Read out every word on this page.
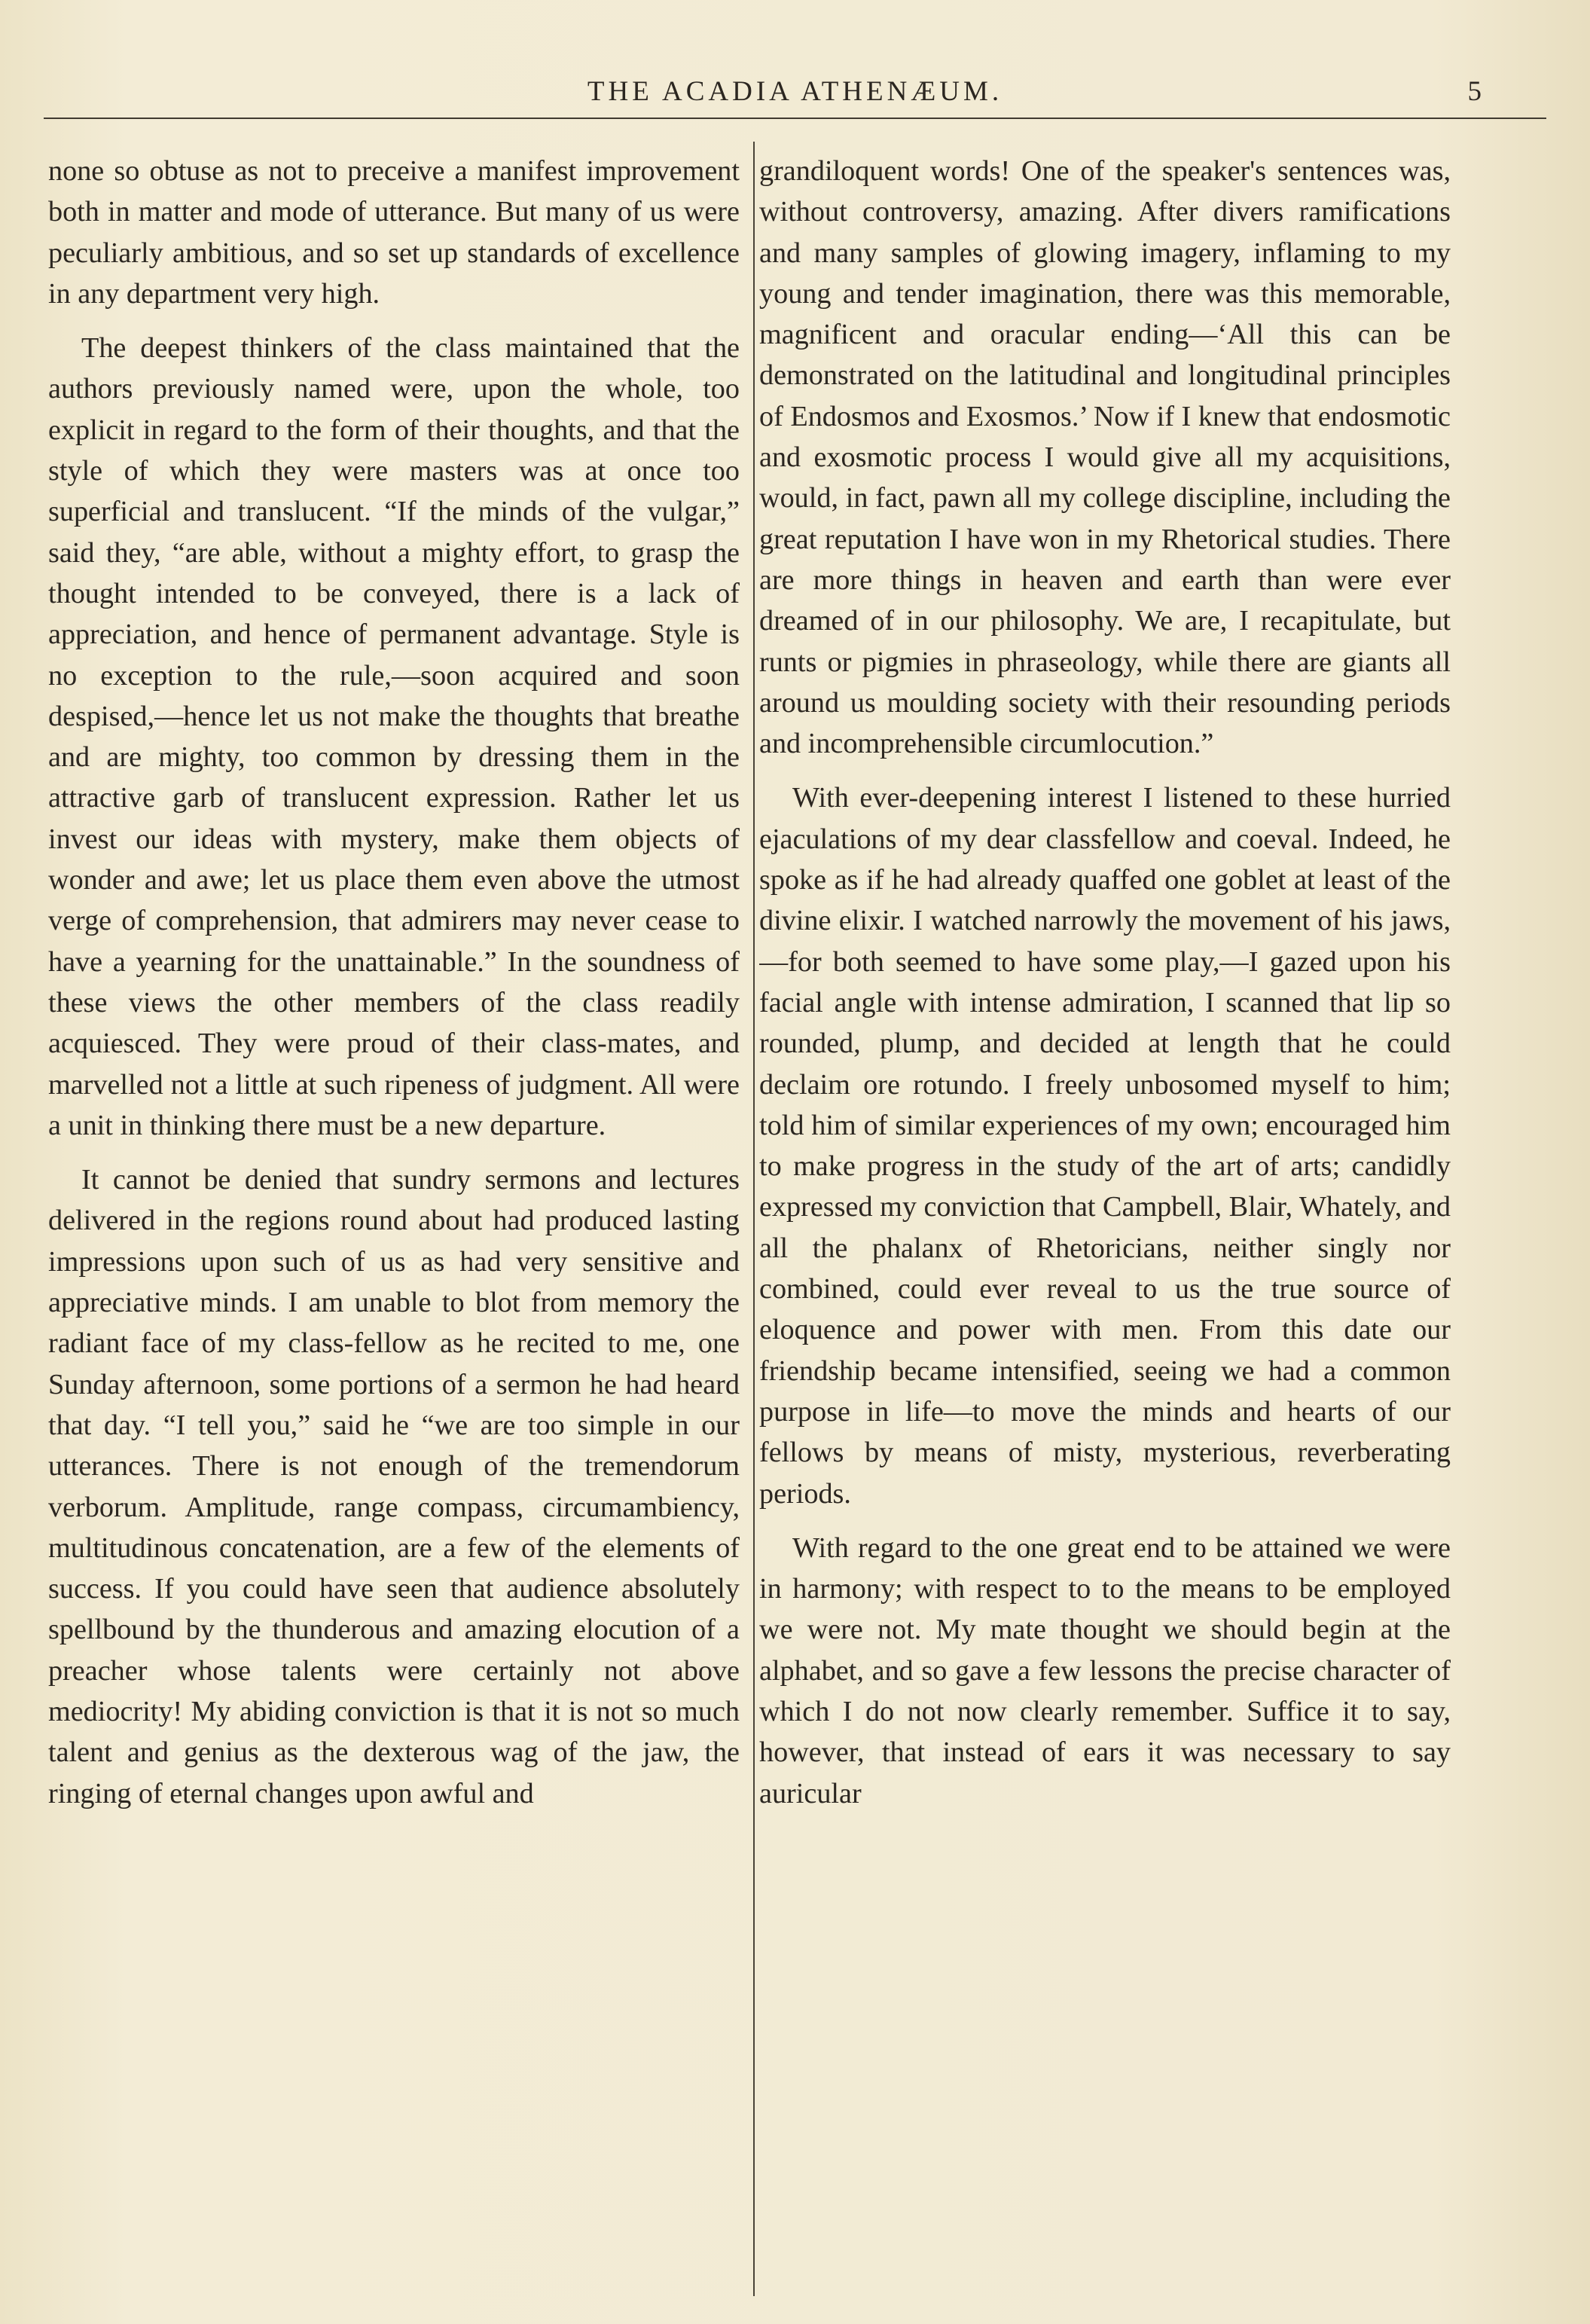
THE ACADIA ATHENÆUM.	5

none so obtuse as not to preceive a manifest improvement both in matter and mode of utterance. But many of us were peculiarly ambitious, and so set up standards of excellence in any department very high.

The deepest thinkers of the class maintained that the authors previously named were, upon the whole, too explicit in regard to the form of their thoughts, and that the style of which they were masters was at once too superficial and translucent. “If the minds of the vulgar,” said they, “are able, without a mighty effort, to grasp the thought intended to be conveyed, there is a lack of appreciation, and hence of permanent advantage. Style is no exception to the rule,—soon acquired and soon despised,—hence let us not make the thoughts that breathe and are mighty, too common by dressing them in the attractive garb of translucent expression. Rather let us invest our ideas with mystery, make them objects of wonder and awe; let us place them even above the utmost verge of comprehension, that admirers may never cease to have a yearning for the unattainable.” In the soundness of these views the other members of the class readily acquiesced. They were proud of their class-mates, and marvelled not a little at such ripeness of judgment. All were a unit in thinking there must be a new departure.

It cannot be denied that sundry sermons and lectures delivered in the regions round about had produced lasting impressions upon such of us as had very sensitive and appreciative minds. I am unable to blot from memory the radiant face of my class-fellow as he recited to me, one Sunday afternoon, some portions of a sermon he had heard that day. “I tell you,” said he “we are too simple in our utterances. There is not enough of the tremendorum verborum. Amplitude, range compass, circumambiency, multitudinous concatenation, are a few of the elements of success. If you could have seen that audience absolutely spellbound by the thunderous and amazing elocution of a preacher whose talents were certainly not above mediocrity! My abiding conviction is that it is not so much talent and genius as the dexterous wag of the jaw, the ringing of eternal changes upon awful and

grandiloquent words! One of the speaker's sentences was, without controversy, amazing. After divers ramifications and many samples of glowing imagery, inflaming to my young and tender imagination, there was this memorable, magnificent and oracular ending—‘All this can be demonstrated on the latitudinal and longitudinal principles of Endosmos and Exosmos.’ Now if I knew that endosmotic and exosmotic process I would give all my acquisitions, would, in fact, pawn all my college discipline, including the great reputation I have won in my Rhetorical studies. There are more things in heaven and earth than were ever dreamed of in our philosophy. We are, I recapitulate, but runts or pigmies in phraseology, while there are giants all around us moulding society with their resounding periods and incomprehensible circumlocution.”

With ever-deepening interest I listened to these hurried ejaculations of my dear classfellow and coeval. Indeed, he spoke as if he had already quaffed one goblet at least of the divine elixir. I watched narrowly the movement of his jaws,—for both seemed to have some play,—I gazed upon his facial angle with intense admiration, I scanned that lip so rounded, plump, and decided at length that he could declaim ore rotundo. I freely unbosomed myself to him; told him of similar experiences of my own; encouraged him to make progress in the study of the art of arts; candidly expressed my conviction that Campbell, Blair, Whately, and all the phalanx of Rhetoricians, neither singly nor combined, could ever reveal to us the true source of eloquence and power with men. From this date our friendship became intensified, seeing we had a common purpose in life—to move the minds and hearts of our fellows by means of misty, mysterious, reverberating periods.

With regard to the one great end to be attained we were in harmony; with respect to to the means to be employed we were not. My mate thought we should begin at the alphabet, and so gave a few lessons the precise character of which I do not now clearly remember. Suffice it to say, however, that instead of ears it was necessary to say auricular
